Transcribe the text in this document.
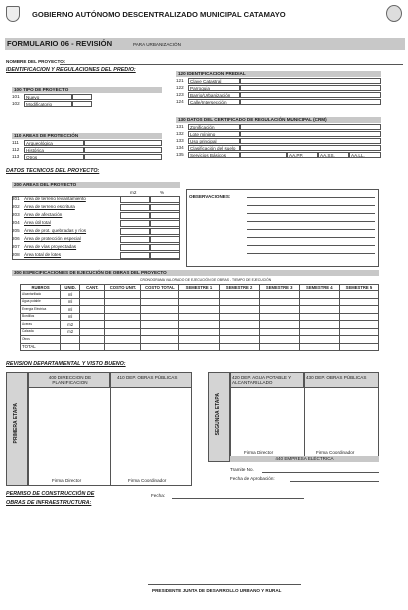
GOBIERNO AUTÓNOMO DESCENTRALIZADO MUNICIPAL CATAMAYO
FORMULARIO 06 - REVISIÓN	PARA URBANIZACIÓN
NOMBRE DEL PROYECTO:
IDENTIFICACION Y REGULACIONES DEL PREDIO:
100 TIPO DE PROYECTO
101	Nuevo
102	Modificatorio
110 AREAS DE PROTECCIÓN
111	Arqueológica
112	Histórica
113	Otros
120 IDENTIFICACION PREDIAL
121	Clave Catastral
122	Parroquia
123	Barrio/Urbanización
124	Calle/Intersección
130 DATOS DEL CERTIFICADO DE REGULACIÓN MUNICIPAL (CRM)
131	Zonificación
132	Lote mínimo
133	Uso principal
134	Clasificación del suelo
135	Servicios Básicos	AA.PP.	AA.SS.	AA.LL.
DATOS TECNICOS DEL PROYECTO:
200 AREAS DEL PROYECTO
m2	%
201 Área de terreno levantamiento
202 Área de terreno escritura
203 Área de afectación
204 Área útil total
205 Área de prot. quebradas y ríos
206 Área de protección especial
207 Área de vías proyectadas
208 Área total de lotes
OBSERVACIONES:
300 ESPECIFICACIONES DE EJECUCIÓN DE OBRAS DEL PROYECTO
CRONOGRAMA VALORADO DE EJECUCIÓN DE OBRAS - TIEMPO DE EJECUCIÓN
RUBROS	UNID.	CANT.	COSTO UNIT.	COSTO TOTAL	SEMESTRE 1	SEMESTRE 2	SEMESTRE 3	SEMESTRE 4	SEMESTRE 5
Alcantarillado	ml								
Agua potable	ml								
Energía Eléctrica	ml								
Bordillos	ml								
Aceras	m2								
Calzada	m2								
Otros									
TOTAL									
REVISION DEPARTAMENTAL Y VISTO BUENO:
PRIMERA ETAPA
400 DIRECCION DE PLANIFICACION
410 DEP. OBRAS PÚBLICAS
Firma Director	Firma Coordinador
SEGUNDA ETAPA
420 DEP. AGUA POTABLE Y ALCANTARILLADO
430 DEP. OBRAS PÚBLICAS
Firma Director	Firma Coordinador
440 EMPRESA ELÉCTRICA
Tramite No.
Fecha de Aprobación:
PERMISO DE CONSTRUCCIÓN DE
OBRAS DE INFRAESTRUCTURA:
Fecha:
PRESIDENTE JUNTA DE DESARROLLO URBANO Y RURAL
